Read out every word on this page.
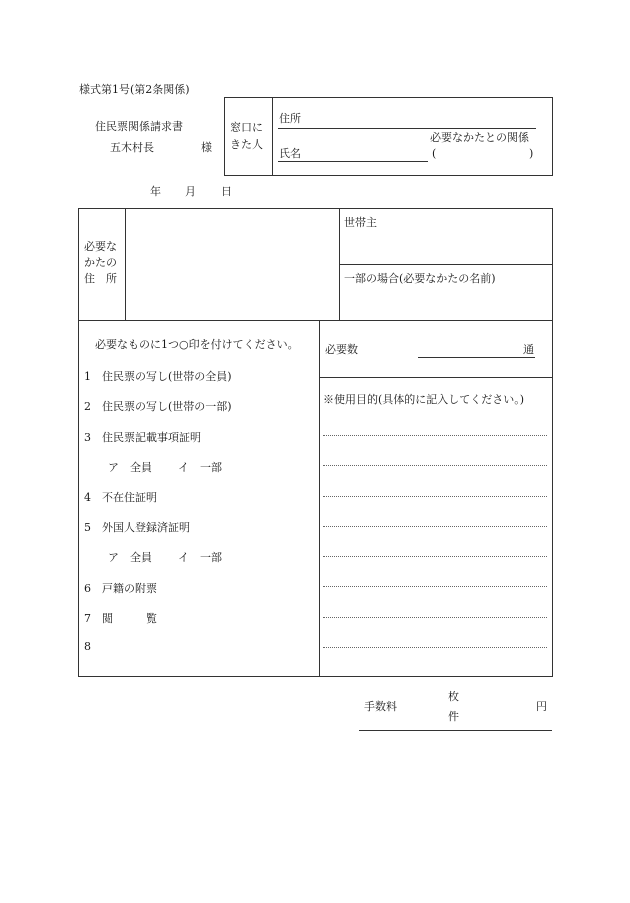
様式第1号(第2条関係)
住民票関係請求書
五木村長	様
窓口に
きた人
住所
必要なかたとの関係
氏名	(	)
年 月 日
必要な
かたの
住　所
世帯主
一部の場合(必要なかたの名前)
必要なものに1つ○印を付けてください。
1 住民票の写し(世帯の全員)
2 住民票の写し(世帯の一部)
3 住民票記載事項証明
ア　全員 イ　一部
4 不在住証明
5 外国人登録済証明
ア　全員 イ　一部
6 戸籍の附票
7 閲　　　覧
8
必要数	通
※使用目的(具体的に記入してください。)
手数料
枚
件
円
